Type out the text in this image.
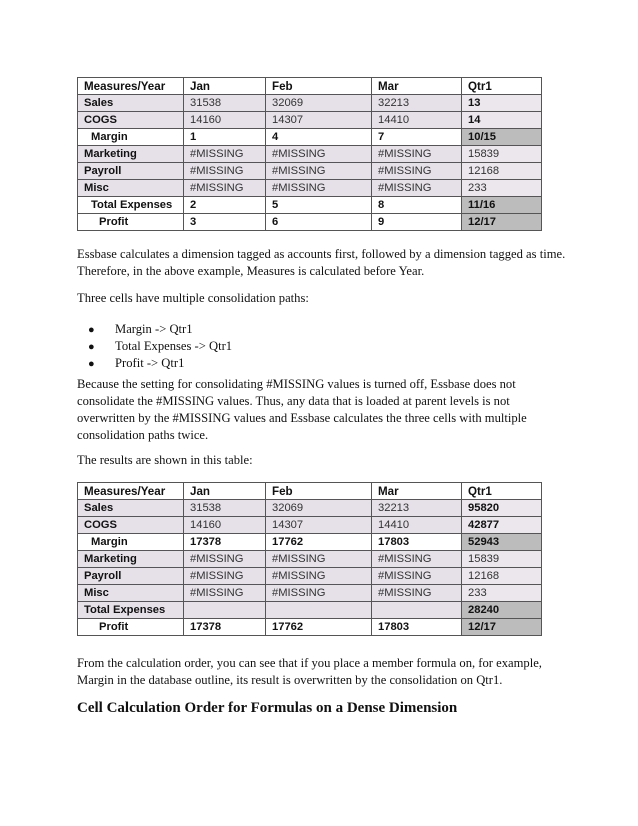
Measures/Year	Jan	Feb	Mar	Qtr1
Sales	31538	32069	32213	13
COGS	14160	14307	14410	14
Margin	1	4	7	10/15
Marketing	#MISSING	#MISSING	#MISSING	15839
Payroll	#MISSING	#MISSING	#MISSING	12168
Misc	#MISSING	#MISSING	#MISSING	233
Total Expenses	2	5	8	11/16
Profit	3	6	9	12/17
Essbase calculates a dimension tagged as accounts first, followed by a dimension tagged as time.
Therefore, in the above example, Measures is calculated before Year.
Three cells have multiple consolidation paths:
● Margin -> Qtr1
● Total Expenses -> Qtr1
● Profit -> Qtr1
Because the setting for consolidating #MISSING values is turned off, Essbase does not
consolidate the #MISSING values. Thus, any data that is loaded at parent levels is not
overwritten by the #MISSING values and Essbase calculates the three cells with multiple
consolidation paths twice.
The results are shown in this table:
Measures/Year	Jan	Feb	Mar	Qtr1
Sales	31538	32069	32213	95820
COGS	14160	14307	14410	42877
Margin	17378	17762	17803	52943
Marketing	#MISSING	#MISSING	#MISSING	15839
Payroll	#MISSING	#MISSING	#MISSING	12168
Misc	#MISSING	#MISSING	#MISSING	233
Total Expenses				28240
Profit	17378	17762	17803	12/17
From the calculation order, you can see that if you place a member formula on, for example,
Margin in the database outline, its result is overwritten by the consolidation on Qtr1.
Cell Calculation Order for Formulas on a Dense Dimension
